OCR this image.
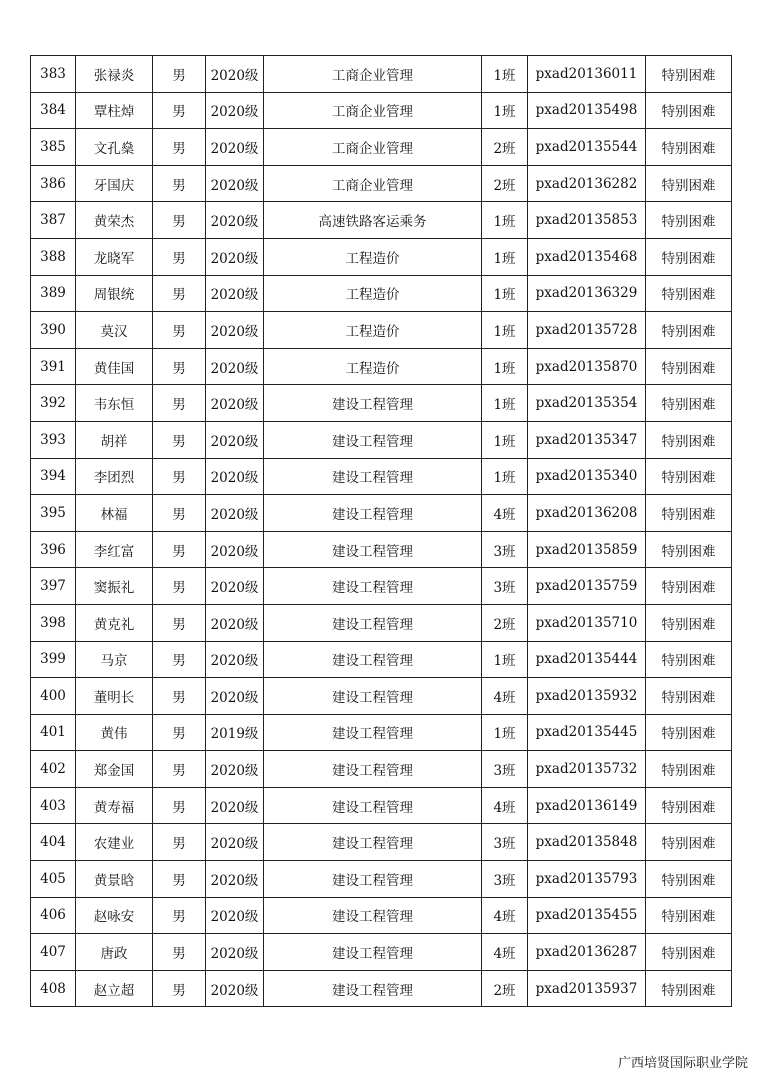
383	张禄炎	男	2020级	工商企业管理	1班	pxad20136011	特别困难
384	覃柱焯	男	2020级	工商企业管理	1班	pxad20135498	特别困难
385	文孔燊	男	2020级	工商企业管理	2班	pxad20135544	特别困难
386	牙国庆	男	2020级	工商企业管理	2班	pxad20136282	特别困难
387	黄荣杰	男	2020级	高速铁路客运乘务	1班	pxad20135853	特别困难
388	龙晓军	男	2020级	工程造价	1班	pxad20135468	特别困难
389	周银统	男	2020级	工程造价	1班	pxad20136329	特别困难
390	莫汉	男	2020级	工程造价	1班	pxad20135728	特别困难
391	黄佳国	男	2020级	工程造价	1班	pxad20135870	特别困难
392	韦东恒	男	2020级	建设工程管理	1班	pxad20135354	特别困难
393	胡祥	男	2020级	建设工程管理	1班	pxad20135347	特别困难
394	李团烈	男	2020级	建设工程管理	1班	pxad20135340	特别困难
395	林福	男	2020级	建设工程管理	4班	pxad20136208	特别困难
396	李红富	男	2020级	建设工程管理	3班	pxad20135859	特别困难
397	窦振礼	男	2020级	建设工程管理	3班	pxad20135759	特别困难
398	黄克礼	男	2020级	建设工程管理	2班	pxad20135710	特别困难
399	马京	男	2020级	建设工程管理	1班	pxad20135444	特别困难
400	董明长	男	2020级	建设工程管理	4班	pxad20135932	特别困难
401	黄伟	男	2019级	建设工程管理	1班	pxad20135445	特别困难
402	郑金国	男	2020级	建设工程管理	3班	pxad20135732	特别困难
403	黄寿福	男	2020级	建设工程管理	4班	pxad20136149	特别困难
404	农建业	男	2020级	建设工程管理	3班	pxad20135848	特别困难
405	黄景晗	男	2020级	建设工程管理	3班	pxad20135793	特别困难
406	赵咏安	男	2020级	建设工程管理	4班	pxad20135455	特别困难
407	唐政	男	2020级	建设工程管理	4班	pxad20136287	特别困难
408	赵立超	男	2020级	建设工程管理	2班	pxad20135937	特别困难
广西培贤国际职业学院
